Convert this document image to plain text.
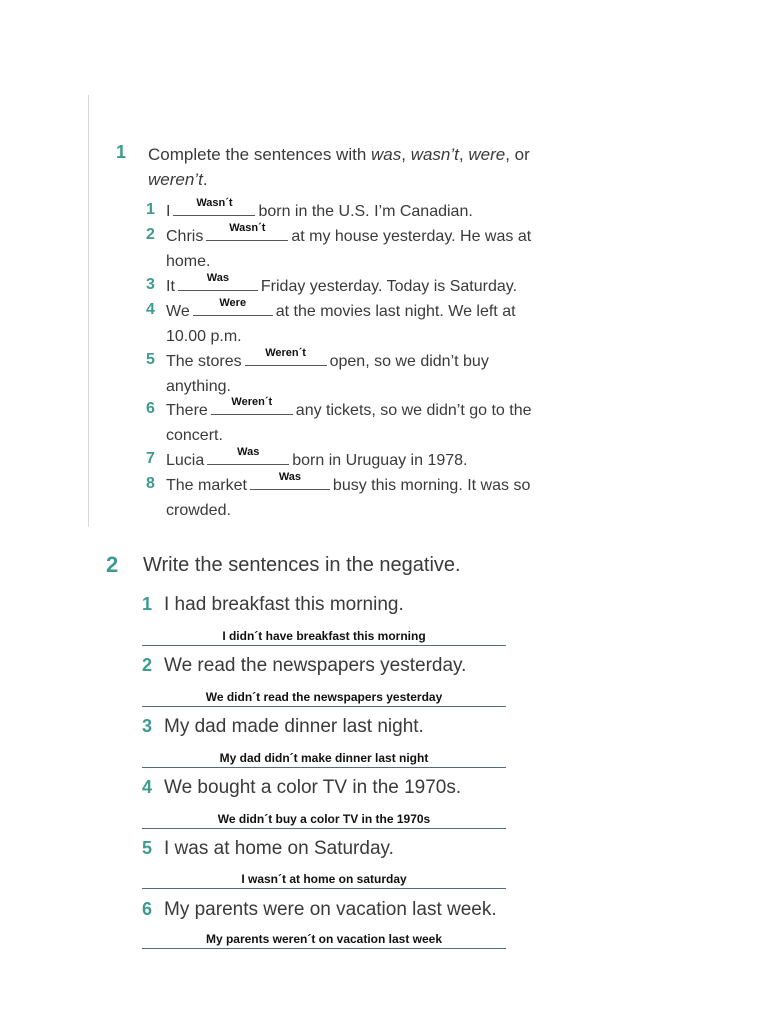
1 Complete the sentences with was, wasn’t, were, or
weren’t.
1 I	Wasn´t	born in the U.S. I’m Canadian.
2 Chris	Wasn´t	at my house yesterday. He was at home.
3 It	Was	Friday yesterday. Today is Saturday.
4 We	Were	at the movies last night. We left at 10.00 p.m.
5 The stores	Weren´t	open, so we didn’t buy anything.
6 There	Weren´t	any tickets, so we didn’t go to the concert.
7 Lucia	Was	born in Uruguay in 1978.
8 The market	Was	busy this morning. It was so crowded.
2 Write the sentences in the negative.
1 I had breakfast this morning.
I didn´t have breakfast this morning
2 We read the newspapers yesterday.
We didn´t read the newspapers yesterday
3 My dad made dinner last night.
My dad didn´t make dinner last night
4 We bought a color TV in the 1970s.
We didn´t buy a color TV in the 1970s
5 I was at home on Saturday.
I wasn´t at home on saturday
6 My parents were on vacation last week.
My parents weren´t on vacation last week
